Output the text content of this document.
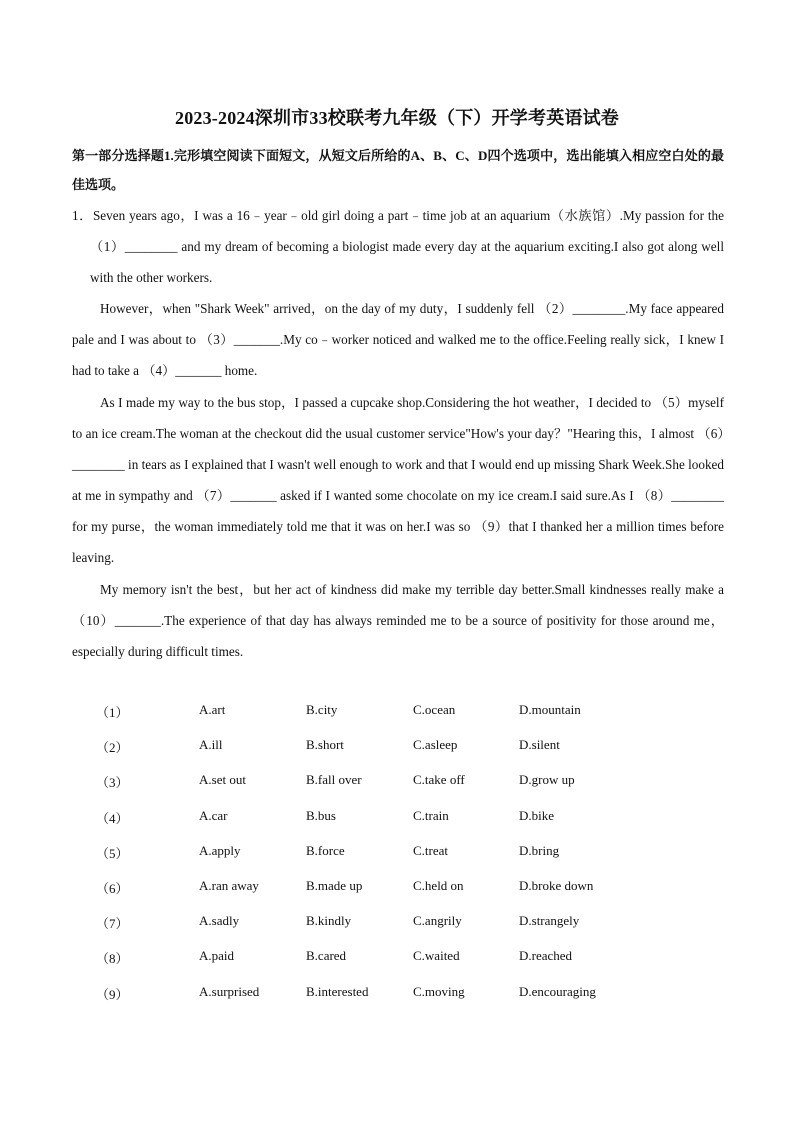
2023-2024深圳市33校联考九年级（下）开学考英语试卷
第一部分选择题1.完形填空阅读下面短文，从短文后所给的A、B、C、D四个选项中，选出能填入相应空白处的最佳选项。
1．Seven years ago，I was a 16﹣year﹣old girl doing a part﹣time job at an aquarium（水族馆）.My passion for the （1）________ and my dream of becoming a biologist made every day at the aquarium exciting.I also got along well with the other workers.
However，when "Shark Week" arrived，on the day of my duty，I suddenly fell （2）________.My face appeared pale and I was about to （3）_______.My co﹣worker noticed and walked me to the office.Feeling really sick，I knew I had to take a （4）_______ home.
As I made my way to the bus stop，I passed a cupcake shop.Considering the hot weather，I decided to （5）myself to an ice cream.The woman at the checkout did the usual customer service"How's your day？"Hearing this，I almost （6）________ in tears as I explained that I wasn't well enough to work and that I would end up missing Shark Week.She looked at me in sympathy and （7）_______ asked if I wanted some chocolate on my ice cream.I said sure.As I （8）________ for my purse，the woman immediately told me that it was on her.I was so （9）that I thanked her a million times before leaving.
My memory isn't the best，but her act of kindness did make my terrible day better.Small kindnesses really make a （10）_______.The experience of that day has always reminded me to be a source of positivity for those around me，especially during difficult times.
（1）	A.art	B.city	C.ocean	D.mountain
（2）	A.ill	B.short	C.asleep	D.silent
（3）	A.set out	B.fall over	C.take off	D.grow up
（4）	A.car	B.bus	C.train	D.bike
（5）	A.apply	B.force	C.treat	D.bring
（6）	A.ran away	B.made up	C.held on	D.broke down
（7）	A.sadly	B.kindly	C.angrily	D.strangely
（8）	A.paid	B.cared	C.waited	D.reached
（9）	A.surprised	B.interested	C.moving	D.encouraging
